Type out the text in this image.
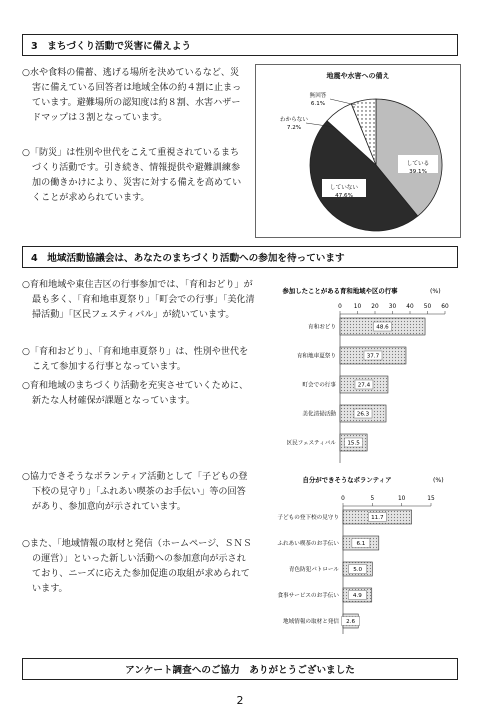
3　まちづくり活動で災害に備えよう
○水や食料の備蓄、逃げる場所を決めているなど、災害に備えている回答者は地域全体の約４割に止まっています。避難場所の認知度は約８割、水害ハザードマップは３割となっています。
○「防災」は性別や世代をこえて重視されているまちづくり活動です。引き続き、情報提供や避難訓練参加の働きかけにより、災害に対する備えを高めていくことが求められています。
地震や水害への備え
している
39.1%
していない
47.6%
わからない
7.2%
無回答
6.1%
4　地域活動協議会は、あなたのまちづくり活動への参加を待っています
○育和地域や東住吉区の行事参加では、「育和おどり」が最も多く、「育和地車夏祭り」「町会での行事」「美化清掃活動」「区民フェスティバル」が続いています。
○「育和おどり」、「育和地車夏祭り」は、性別や世代をこえて参加する行事となっています。
○育和地域のまちづくり活動を充実させていくために、新たな人材確保が課題となっています。
参加したことがある育和地域や区の行事	(%)
0 10 20 30 40 50 60
育和おどり	48.6
育和地車夏祭り	37.7
町会での行事	27.4
美化清掃活動	26.3
区民フェスティバル 15.5
○協力できそうなボランティア活動として「子どもの登下校の見守り」「ふれあい喫茶のお手伝い」等の回答があり、参加意向が示されています。
○また、「地域情報の取材と発信（ホームページ、ＳＮＳの運営）」といった新しい活動への参加意向が示されており、ニーズに応えた参加促進の取組が求められています。
自分ができそうなボランティア	(%)
0	5	10	15
子どもの登下校の見守り	11.7
ふれあい喫茶のお手伝い	6.1
青色防犯パトロール	5.0
食事サービスのお手伝い 4.9
地域情報の取材と発信 2.6
アンケート調査へのご協力　ありがとうございました
2
